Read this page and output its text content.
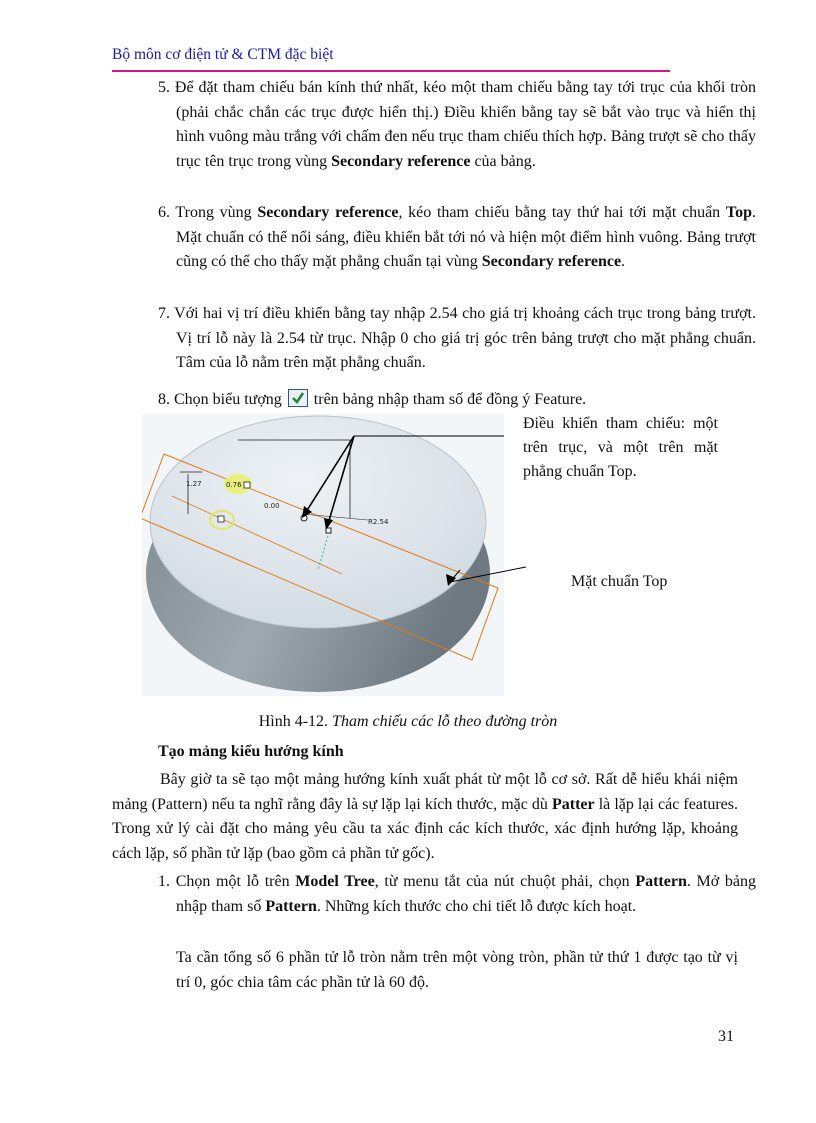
Bộ môn cơ điện tử & CTM đặc biệt
5. Để đặt tham chiếu bán kính thứ nhất, kéo một tham chiếu bằng tay tới trục của khối tròn (phải chắc chắn các trục được hiển thị.) Điều khiển bằng tay sẽ bắt vào trục và hiển thị hình vuông màu trắng với chấm đen nếu trục tham chiếu thích hợp. Bảng trượt sẽ cho thấy trục tên trục trong vùng Secondary reference của bảng.
6. Trong vùng Secondary reference, kéo tham chiếu bằng tay thứ hai tới mặt chuẩn Top. Mặt chuẩn có thể nổi sáng, điều khiển bắt tới nó và hiện một điểm hình vuông. Bảng trượt cũng có thể cho thấy mặt phẳng chuẩn tại vùng Secondary reference.
7. Với hai vị trí điều khiển bằng tay nhập 2.54 cho giá trị khoảng cách trục trong bảng trượt. Vị trí lỗ này là 2.54 từ trục. Nhập 0 cho giá trị góc trên bảng trượt cho mặt phẳng chuẩn. Tâm của lỗ nằm trên mặt phẳng chuẩn.
8. Chọn biểu tượng
trên bảng nhập tham số để đồng ý Feature.
1.27	0.76
0.00
R2.54
Điều khiển tham chiếu: một trên trục, và một trên mặt phẳng chuẩn Top.
Mặt chuẩn Top
Hình 4-12. Tham chiếu các lỗ theo đường tròn
Tạo mảng kiểu hướng kính
Bây giờ ta sẽ tạo một mảng hướng kính xuất phát từ một lỗ cơ sở. Rất dễ hiểu khái niệm mảng (Pattern) nếu ta nghĩ rằng đây là sự lặp lại kích thước, mặc dù Patter là lặp lại các features. Trong xử lý cài đặt cho mảng yêu cầu ta xác định các kích thước, xác định hướng lặp, khoảng cách lặp, số phần tử lặp (bao gồm cả phần tử gốc).
1. Chọn một lỗ trên Model Tree, từ menu tắt của nút chuột phải, chọn Pattern. Mở bảng nhập tham số Pattern. Những kích thước cho chi tiết lỗ được kích hoạt.
Ta cần tổng số 6 phần tử lỗ tròn nằm trên một vòng tròn, phần tử thứ 1 được tạo từ vị trí 0, góc chia tâm các phần tử là 60 độ.
31
